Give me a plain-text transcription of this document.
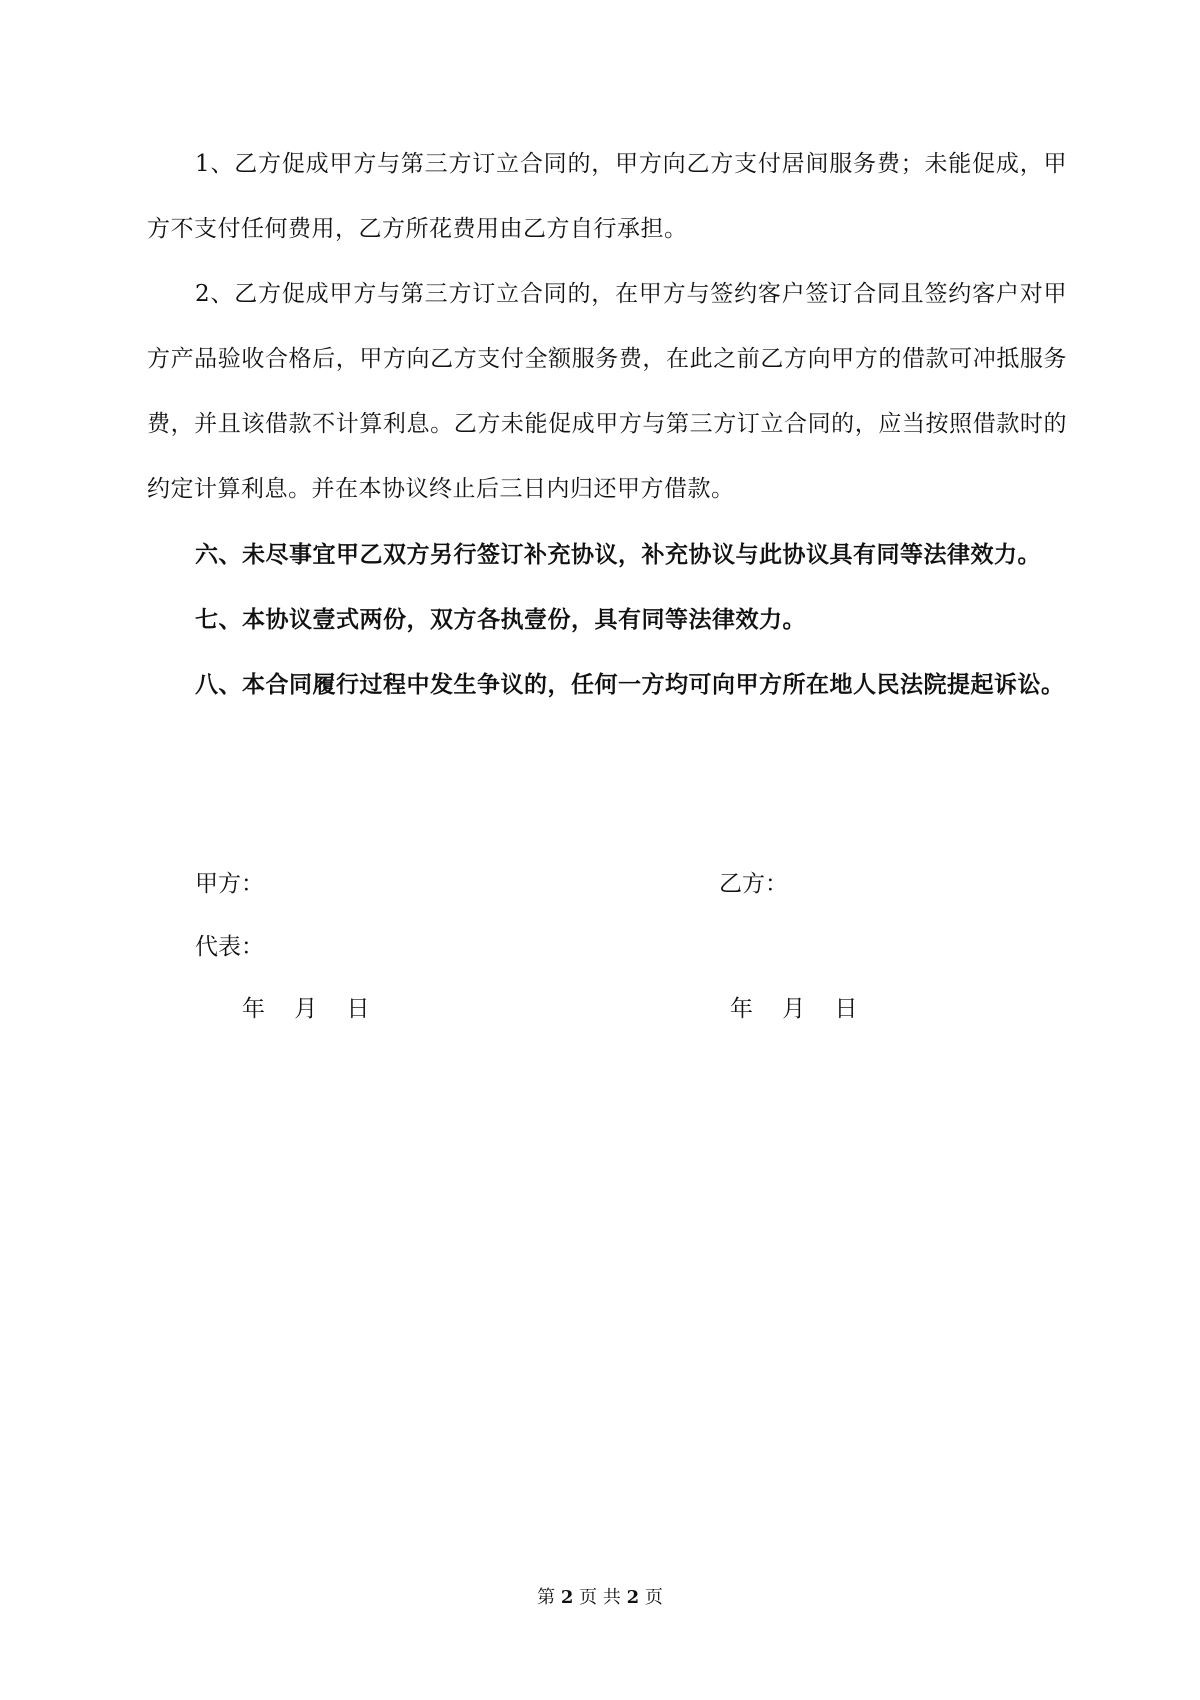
1、乙方促成甲方与第三方订立合同的，甲方向乙方支付居间服务费；未能促成，甲方不支付任何费用，乙方所花费用由乙方自行承担。

2、乙方促成甲方与第三方订立合同的，在甲方与签约客户签订合同且签约客户对甲方产品验收合格后，甲方向乙方支付全额服务费，在此之前乙方向甲方的借款可冲抵服务费，并且该借款不计算利息。乙方未能促成甲方与第三方订立合同的，应当按照借款时的约定计算利息。并在本协议终止后三日内归还甲方借款。

六、未尽事宜甲乙双方另行签订补充协议，补充协议与此协议具有同等法律效力。

七、本协议壹式两份，双方各执壹份，具有同等法律效力。

八、本合同履行过程中发生争议的，任何一方均可向甲方所在地人民法院提起诉讼。

甲方：	乙方：
代表：
年    月    日	年    月    日
第 2 页 共 2 页
